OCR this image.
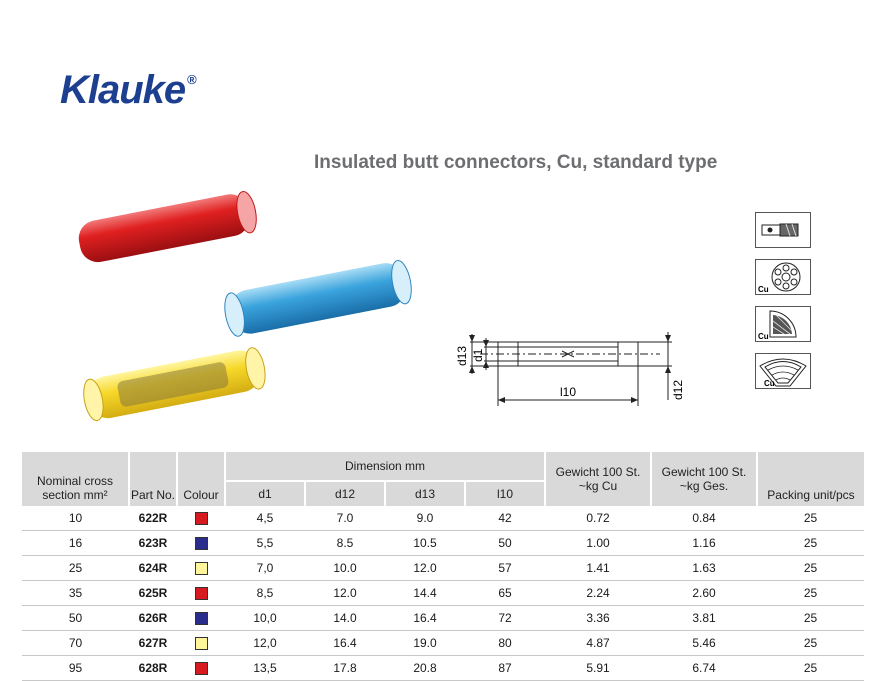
Klauke ®
Insulated butt connectors, Cu, standard type
d13 d1
l10	d12
Cu
Cu
Cu
Nominal cross section mm²	Part No.	Colour	Dimension mm				Gewicht 100 St. ~kg Cu	Gewicht 100 St. ~kg Ges.	Packing unit/pcs
			d1	d12	d13	l10			
10	622R		4,5	7.0	9.0	42	0.72	0.84	25
16	623R		5,5	8.5	10.5	50	1.00	1.16	25
25	624R		7,0	10.0	12.0	57	1.41	1.63	25
35	625R		8,5	12.0	14.4	65	2.24	2.60	25
50	626R		10,0	14.0	16.4	72	3.36	3.81	25
70	627R		12,0	16.4	19.0	80	4.87	5.46	25
95	628R		13,5	17.8	20.8	87	5.91	6.74	25
